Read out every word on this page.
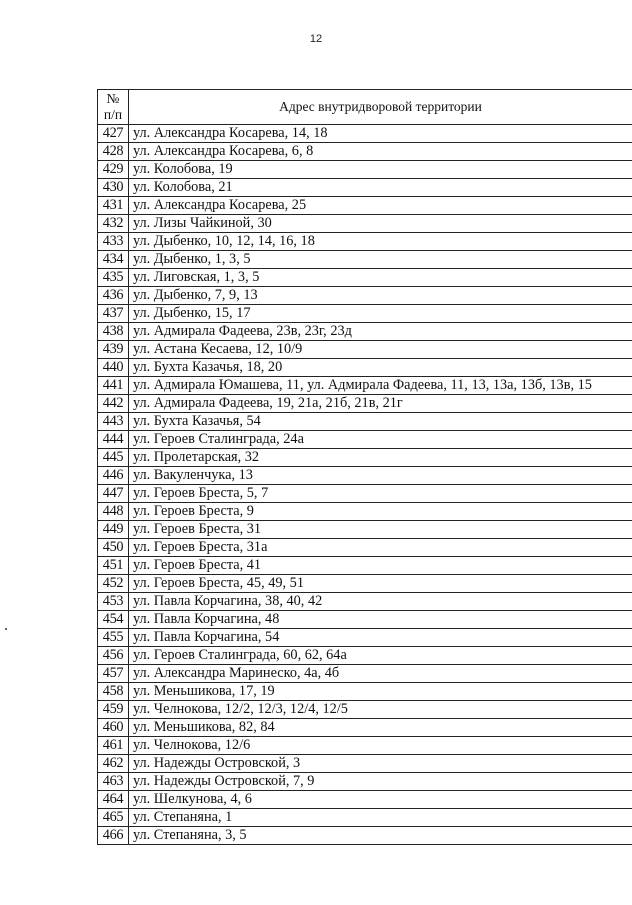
12
№
п/п	Адрес внутридворовой территории
427	ул. Александра Косарева, 14, 18
428	ул. Александра Косарева, 6, 8
429	ул. Колобова, 19
430	ул. Колобова, 21
431	ул. Александра Косарева, 25
432	ул. Лизы Чайкиной, 30
433	ул. Дыбенко, 10, 12, 14, 16, 18
434	ул. Дыбенко, 1, 3, 5
435	ул. Лиговская, 1, 3, 5
436	ул. Дыбенко, 7, 9, 13
437	ул. Дыбенко, 15, 17
438	ул. Адмирала Фадеева, 23в, 23г, 23д
439	ул. Астана Кесаева, 12, 10/9
440	ул. Бухта Казачья, 18, 20
441	ул. Адмирала Юмашева, 11, ул. Адмирала Фадеева, 11, 13, 13а, 13б, 13в, 15
442	ул. Адмирала Фадеева, 19, 21а, 21б, 21в, 21г
443	ул. Бухта Казачья, 54
444	ул. Героев Сталинграда, 24а
445	ул. Пролетарская, 32
446	ул. Вакуленчука, 13
447	ул. Героев Бреста, 5, 7
448	ул. Героев Бреста, 9
449	ул. Героев Бреста, 31
450	ул. Героев Бреста, 31а
451	ул. Героев Бреста, 41
452	ул. Героев Бреста, 45, 49, 51
453	ул. Павла Корчагина, 38, 40, 42
454	ул. Павла Корчагина, 48
455	ул. Павла Корчагина, 54
456	ул. Героев Сталинграда, 60, 62, 64а
457	ул. Александра Маринеско, 4а, 4б
458	ул. Меньшикова, 17, 19
459	ул. Челнокова, 12/2, 12/3, 12/4, 12/5
460	ул. Меньшикова, 82, 84
461	ул. Челнокова, 12/6
462	ул. Надежды Островской, 3
463	ул. Надежды Островской, 7, 9
464	ул. Шелкунова, 4, 6
465	ул. Степаняна, 1
466	ул. Степаняна, 3, 5
